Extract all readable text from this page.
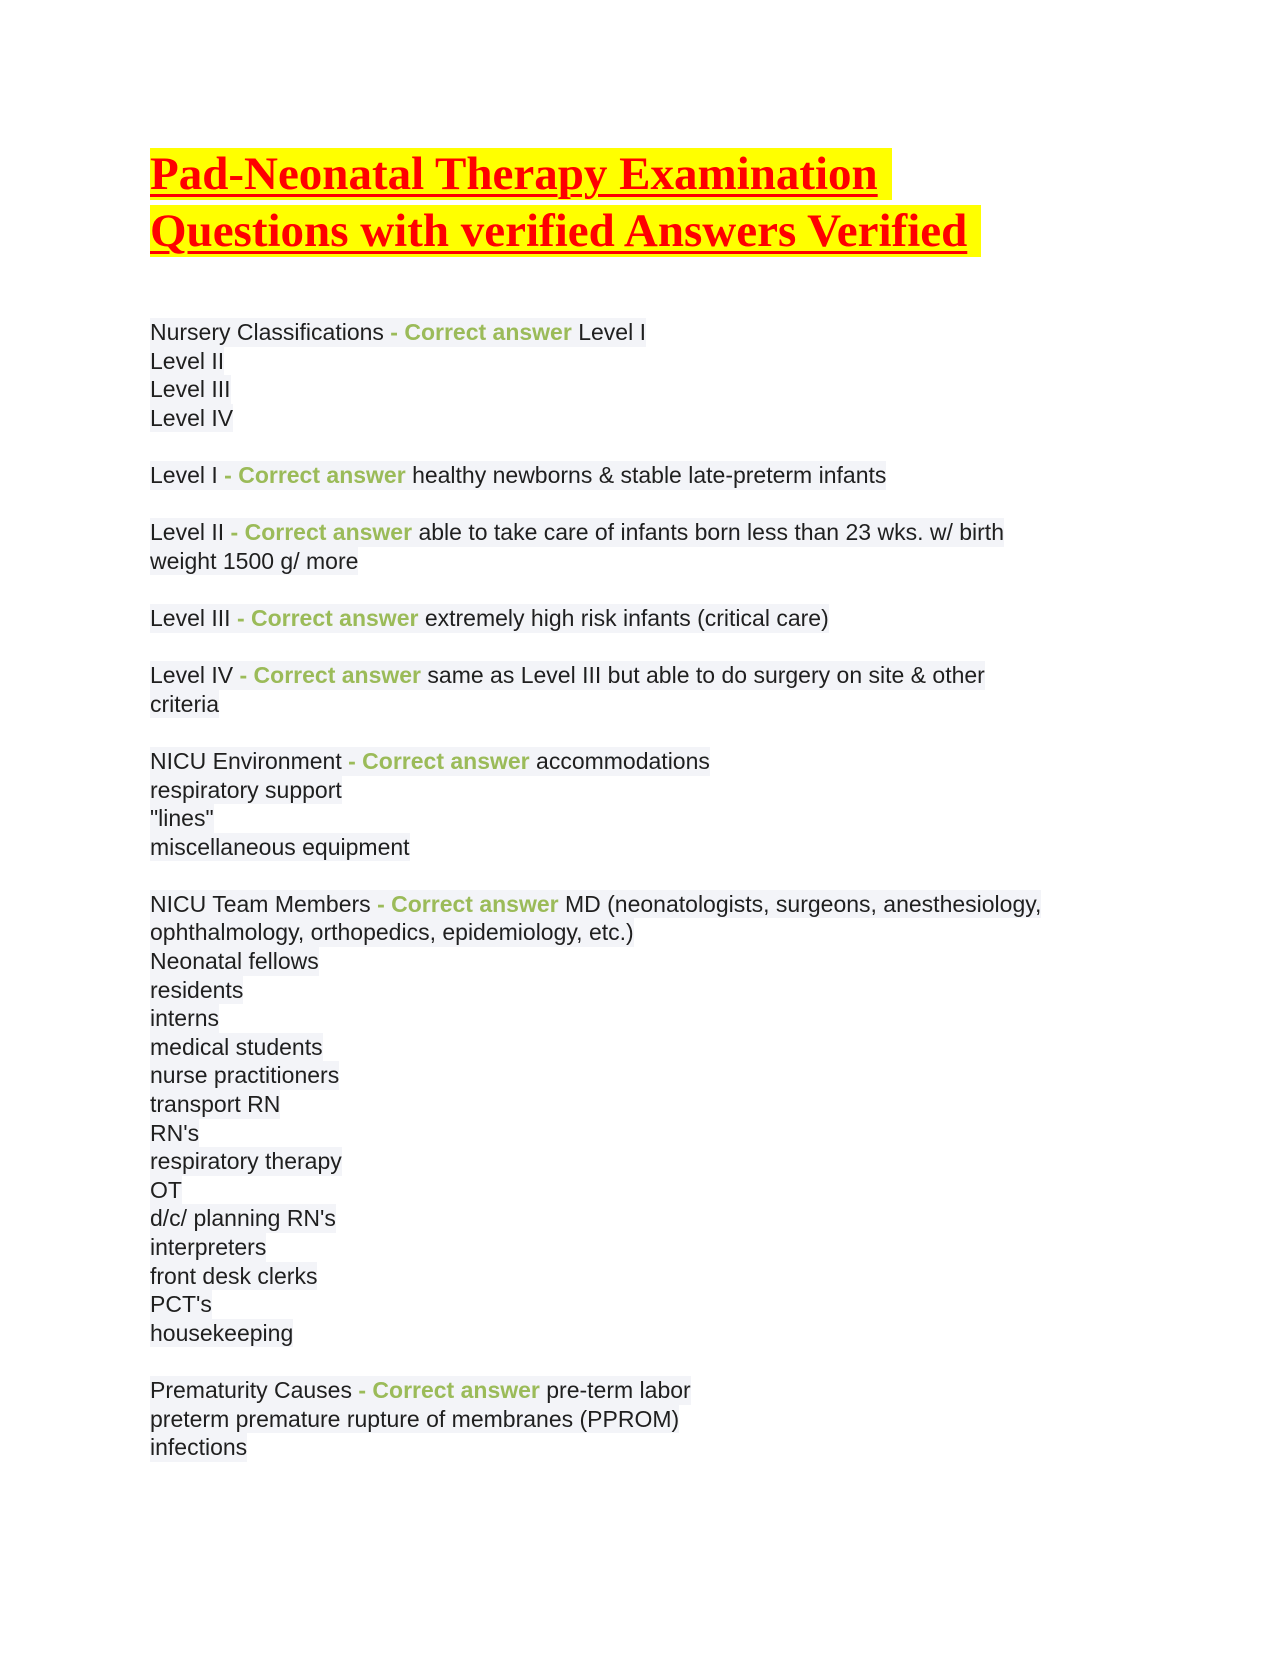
Pad-Neonatal Therapy Examination
Questions with verified Answers Verified
Nursery Classifications - Correct answer Level I
Level II
Level III
Level IV
Level I - Correct answer healthy newborns & stable late-preterm infants
Level II - Correct answer able to take care of infants born less than 23 wks. w/ birth
weight 1500 g/ more
Level III - Correct answer extremely high risk infants (critical care)
Level IV - Correct answer same as Level III but able to do surgery on site & other
criteria
NICU Environment - Correct answer accommodations
respiratory support
"lines"
miscellaneous equipment
NICU Team Members - Correct answer MD (neonatologists, surgeons, anesthesiology,
ophthalmology, orthopedics, epidemiology, etc.)
Neonatal fellows
residents
interns
medical students
nurse practitioners
transport RN
RN's
respiratory therapy
OT
d/c/ planning RN's
interpreters
front desk clerks
PCT's
housekeeping
Prematurity Causes - Correct answer pre-term labor
preterm premature rupture of membranes (PPROM)
infections
